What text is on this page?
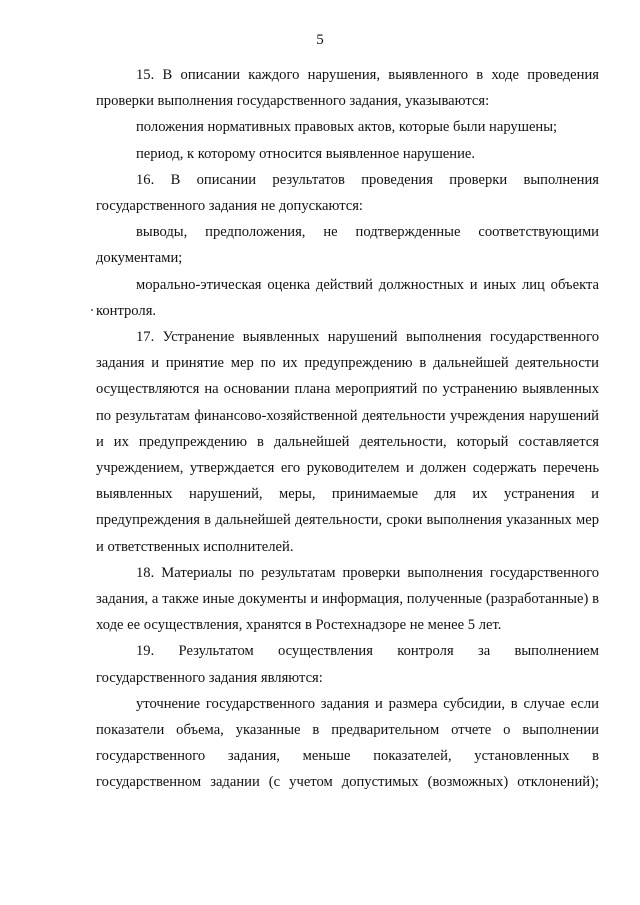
5

15. В описании каждого нарушения, выявленного в ходе проведения проверки выполнения государственного задания, указываются:

положения нормативных правовых актов, которые были нарушены;

период, к которому относится выявленное нарушение.

16. В описании результатов проведения проверки выполнения государственного задания не допускаются:

выводы, предположения, не подтвержденные соответствующими документами;

морально-этическая оценка действий должностных и иных лиц объекта контроля.

17. Устранение выявленных нарушений выполнения государственного задания и принятие мер по их предупреждению в дальнейшей деятельности осуществляются на основании плана мероприятий по устранению выявленных по результатам финансово-хозяйственной деятельности учреждения нарушений и их предупреждению в дальнейшей деятельности, который составляется учреждением, утверждается его руководителем и должен содержать перечень выявленных нарушений, меры, принимаемые для их устранения и предупреждения в дальнейшей деятельности, сроки выполнения указанных мер и ответственных исполнителей.

18. Материалы по результатам проверки выполнения государственного задания, а также иные документы и информация, полученные (разработанные) в ходе ее осуществления, хранятся в Ростехнадзоре не менее 5 лет.

19. Результатом осуществления контроля за выполнением государственного задания являются:

уточнение государственного задания и размера субсидии, в случае если показатели объема, указанные в предварительном отчете о выполнении государственного задания, меньше показателей, установленных в государственном задании (с учетом допустимых (возможных) отклонений);
